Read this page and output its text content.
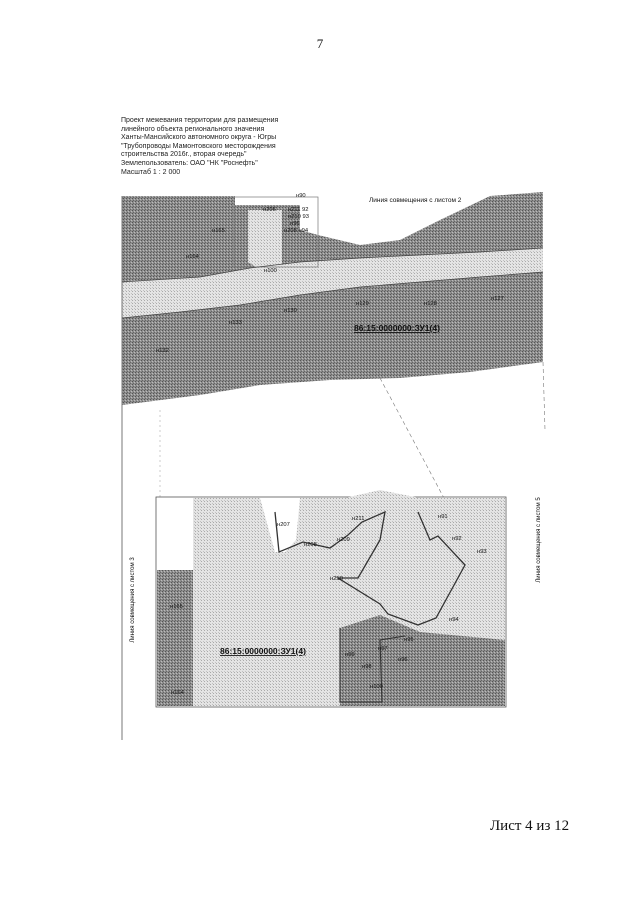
7
Проект межевания территории для размещения
линейного объекта регионального значения
Ханты-Мансийского автономного округа - Югры
"Трубопроводы Мамонтовского месторождения
строительства 2016г., вторая очередь"
Землепользователь: ОАО "НК "Роснефть"
Масштаб 1 : 2 000
Линия совмещения с листом 2
н90
н206 н211 92
н210 93
н96
н208 н94
н165
н164
н100
н129	н128
н127
н133
н130
н132
86:15:0000000:ЗУ1(4)
н207
н208
н209
н211	н91
н92
н93
н210
н94
н95
н97
н96
н99
н98
н100
н165
н164
86:15:0000000:ЗУ1(4)
Линия совмещения с листом 3
Линия совмещения с листом 5
Лист 4 из 12
